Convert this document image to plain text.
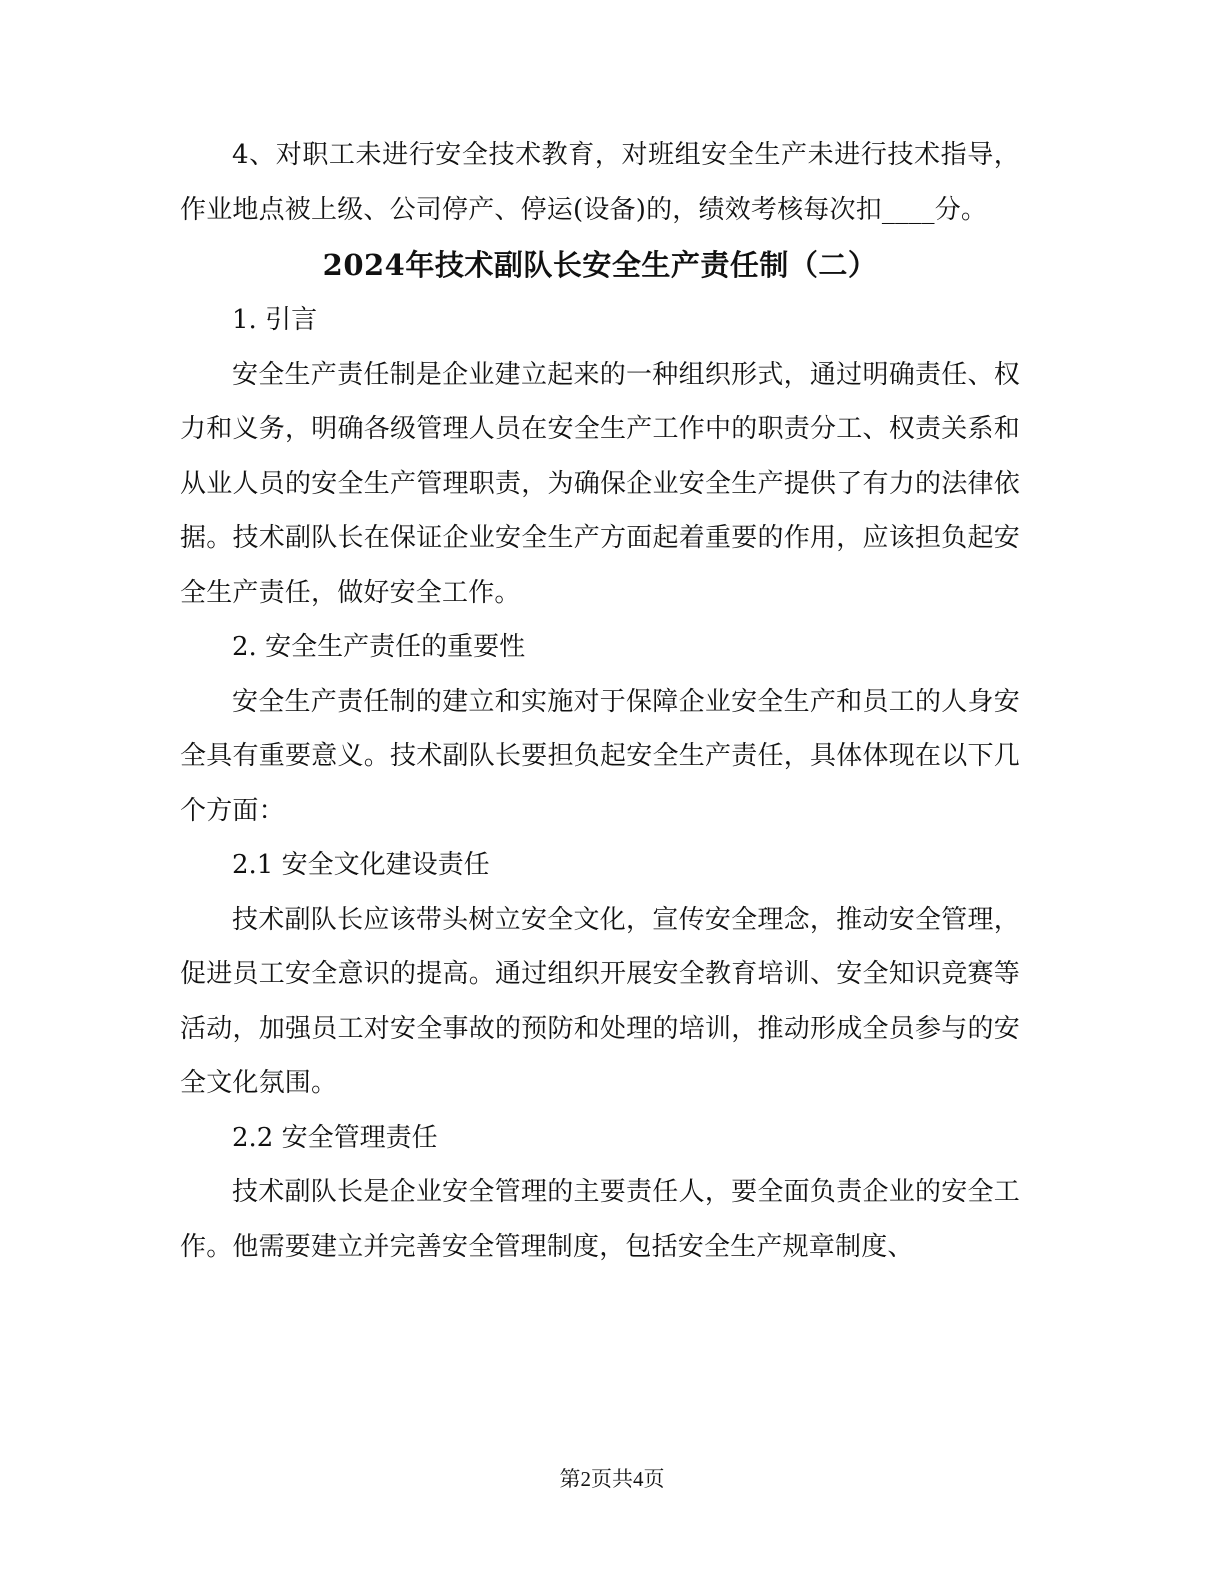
4、对职工未进行安全技术教育，对班组安全生产未进行技术指导，作业地点被上级、公司停产、停运(设备)的，绩效考核每次扣____分。

2024年技术副队长安全生产责任制（二）

1. 引言

安全生产责任制是企业建立起来的一种组织形式，通过明确责任、权力和义务，明确各级管理人员在安全生产工作中的职责分工、权责关系和从业人员的安全生产管理职责，为确保企业安全生产提供了有力的法律依据。技术副队长在保证企业安全生产方面起着重要的作用，应该担负起安全生产责任，做好安全工作。

2. 安全生产责任的重要性

安全生产责任制的建立和实施对于保障企业安全生产和员工的人身安全具有重要意义。技术副队长要担负起安全生产责任，具体体现在以下几个方面：

2.1 安全文化建设责任

技术副队长应该带头树立安全文化，宣传安全理念，推动安全管理，促进员工安全意识的提高。通过组织开展安全教育培训、安全知识竞赛等活动，加强员工对安全事故的预防和处理的培训，推动形成全员参与的安全文化氛围。

2.2 安全管理责任

技术副队长是企业安全管理的主要责任人，要全面负责企业的安全工作。他需要建立并完善安全管理制度，包括安全生产规章制度、

第2页共4页
